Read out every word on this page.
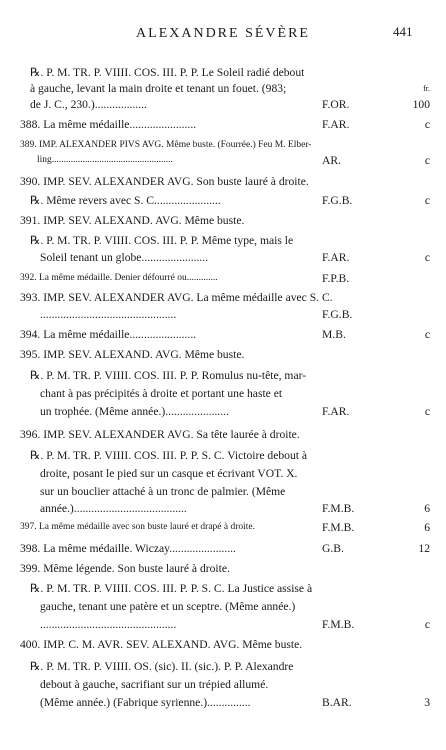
ALEXANDRE SÉVÈRE	441
℞. P. M. TR. P. VIIII. COS. III. P. P. Le Soleil radié debout
à gauche, levant la main droite et tenant un fouet. (983;	fr.
de J. C., 230.)..................	F.OR.	100
388. La même médaille.......................	F.AR.	c
389. IMP. ALEXANDER PIVS AVG. Même buste. (Fourrée.) Feu M. Elber-
ling...................................................	AR.	c
390. IMP. SEV. ALEXANDER AVG. Son buste lauré à droite.
℞. Même revers avec S. C.......................	F.G.B.	c
391. IMP. SEV. ALEXAND. AVG. Même buste.
℞. P. M. TR. P. VIIII. COS. III. P. P. Même type, mais le
Soleil tenant un globe.......................	F.AR.	c
392. La même médaille. Denier défourré ou.............	F.P.B.
393. IMP. SEV. ALEXANDER AVG. La même médaille avec S. C.
...............................................	F.G.B.
394. La même médaille.......................	M.B.	c
395. IMP. SEV. ALEXAND. AVG. Même buste.
℞. P. M. TR. P. VIIII. COS. III. P. P. Romulus nu-tête, mar-
chant à pas précipités à droite et portant une haste et
un trophée. (Même année.)......................	F.AR.	c
396. IMP. SEV. ALEXANDER AVG. Sa tête laurée à droite.
℞. P. M. TR. P. VIIII. COS. III. P. P. S. C. Victoire debout à
droite, posant le pied sur un casque et écrivant VOT. X.
sur un bouclier attaché à un tronc de palmier. (Même
année.).......................................	F.M.B.	6
397. La même médaille avec son buste lauré et drapé à droite.	F.M.B.	6
398. La même médaille. Wiczay.......................	G.B.	12
399. Même légende. Son buste lauré à droite.
℞. P. M. TR. P. VIIII. COS. III. P. P. S. C. La Justice assise à
gauche, tenant une patère et un sceptre. (Même année.)
...............................................	F.M.B.	c
400. IMP. C. M. AVR. SEV. ALEXAND. AVG. Même buste.
℞. P. M. TR. P. VIIII. OS. (sic). II. (sic.). P. P. Alexandre
debout à gauche, sacrifiant sur un trépied allumé.
(Même année.) (Fabrique syrienne.)...............	B.AR.	3
